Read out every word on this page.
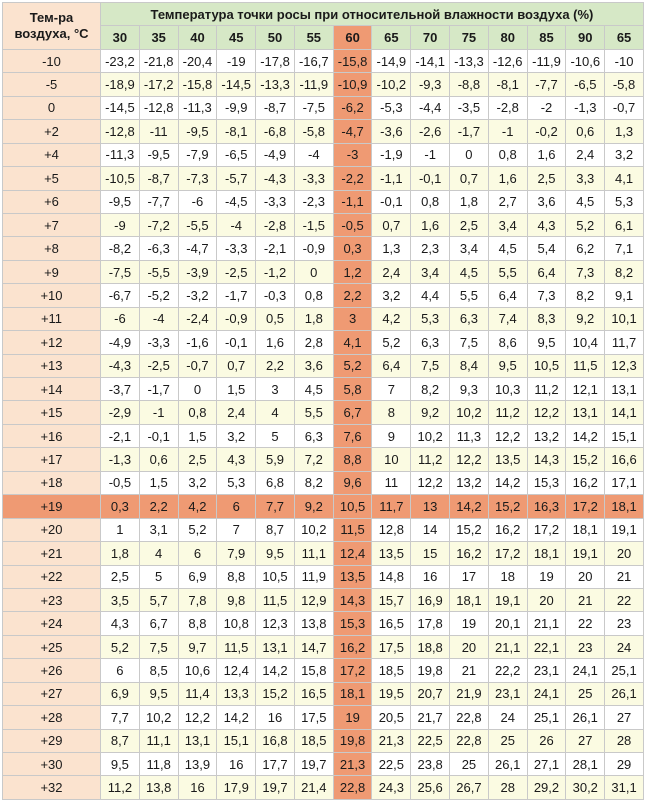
Тем-ра
воздуха, °С	Температура точки росы при относительной влажности воздуха (%)													
	30	35	40	45	50	55	60	65	70	75	80	85	90	65
-10	-23,2	-21,8	-20,4	-19	-17,8	-16,7	-15,8	-14,9	-14,1	-13,3	-12,6	-11,9	-10,6	-10
-5	-18,9	-17,2	-15,8	-14,5	-13,3	-11,9	-10,9	-10,2	-9,3	-8,8	-8,1	-7,7	-6,5	-5,8
0	-14,5	-12,8	-11,3	-9,9	-8,7	-7,5	-6,2	-5,3	-4,4	-3,5	-2,8	-2	-1,3	-0,7
+2	-12,8	-11	-9,5	-8,1	-6,8	-5,8	-4,7	-3,6	-2,6	-1,7	-1	-0,2	0,6	1,3
+4	-11,3	-9,5	-7,9	-6,5	-4,9	-4	-3	-1,9	-1	0	0,8	1,6	2,4	3,2
+5	-10,5	-8,7	-7,3	-5,7	-4,3	-3,3	-2,2	-1,1	-0,1	0,7	1,6	2,5	3,3	4,1
+6	-9,5	-7,7	-6	-4,5	-3,3	-2,3	-1,1	-0,1	0,8	1,8	2,7	3,6	4,5	5,3
+7	-9	-7,2	-5,5	-4	-2,8	-1,5	-0,5	0,7	1,6	2,5	3,4	4,3	5,2	6,1
+8	-8,2	-6,3	-4,7	-3,3	-2,1	-0,9	0,3	1,3	2,3	3,4	4,5	5,4	6,2	7,1
+9	-7,5	-5,5	-3,9	-2,5	-1,2	0	1,2	2,4	3,4	4,5	5,5	6,4	7,3	8,2
+10	-6,7	-5,2	-3,2	-1,7	-0,3	0,8	2,2	3,2	4,4	5,5	6,4	7,3	8,2	9,1
+11	-6	-4	-2,4	-0,9	0,5	1,8	3	4,2	5,3	6,3	7,4	8,3	9,2	10,1
+12	-4,9	-3,3	-1,6	-0,1	1,6	2,8	4,1	5,2	6,3	7,5	8,6	9,5	10,4	11,7
+13	-4,3	-2,5	-0,7	0,7	2,2	3,6	5,2	6,4	7,5	8,4	9,5	10,5	11,5	12,3
+14	-3,7	-1,7	0	1,5	3	4,5	5,8	7	8,2	9,3	10,3	11,2	12,1	13,1
+15	-2,9	-1	0,8	2,4	4	5,5	6,7	8	9,2	10,2	11,2	12,2	13,1	14,1
+16	-2,1	-0,1	1,5	3,2	5	6,3	7,6	9	10,2	11,3	12,2	13,2	14,2	15,1
+17	-1,3	0,6	2,5	4,3	5,9	7,2	8,8	10	11,2	12,2	13,5	14,3	15,2	16,6
+18	-0,5	1,5	3,2	5,3	6,8	8,2	9,6	11	12,2	13,2	14,2	15,3	16,2	17,1
+19	0,3	2,2	4,2	6	7,7	9,2	10,5	11,7	13	14,2	15,2	16,3	17,2	18,1
+20	1	3,1	5,2	7	8,7	10,2	11,5	12,8	14	15,2	16,2	17,2	18,1	19,1
+21	1,8	4	6	7,9	9,5	11,1	12,4	13,5	15	16,2	17,2	18,1	19,1	20
+22	2,5	5	6,9	8,8	10,5	11,9	13,5	14,8	16	17	18	19	20	21
+23	3,5	5,7	7,8	9,8	11,5	12,9	14,3	15,7	16,9	18,1	19,1	20	21	22
+24	4,3	6,7	8,8	10,8	12,3	13,8	15,3	16,5	17,8	19	20,1	21,1	22	23
+25	5,2	7,5	9,7	11,5	13,1	14,7	16,2	17,5	18,8	20	21,1	22,1	23	24
+26	6	8,5	10,6	12,4	14,2	15,8	17,2	18,5	19,8	21	22,2	23,1	24,1	25,1
+27	6,9	9,5	11,4	13,3	15,2	16,5	18,1	19,5	20,7	21,9	23,1	24,1	25	26,1
+28	7,7	10,2	12,2	14,2	16	17,5	19	20,5	21,7	22,8	24	25,1	26,1	27
+29	8,7	11,1	13,1	15,1	16,8	18,5	19,8	21,3	22,5	22,8	25	26	27	28
+30	9,5	11,8	13,9	16	17,7	19,7	21,3	22,5	23,8	25	26,1	27,1	28,1	29
+32	11,2	13,8	16	17,9	19,7	21,4	22,8	24,3	25,6	26,7	28	29,2	30,2	31,1
